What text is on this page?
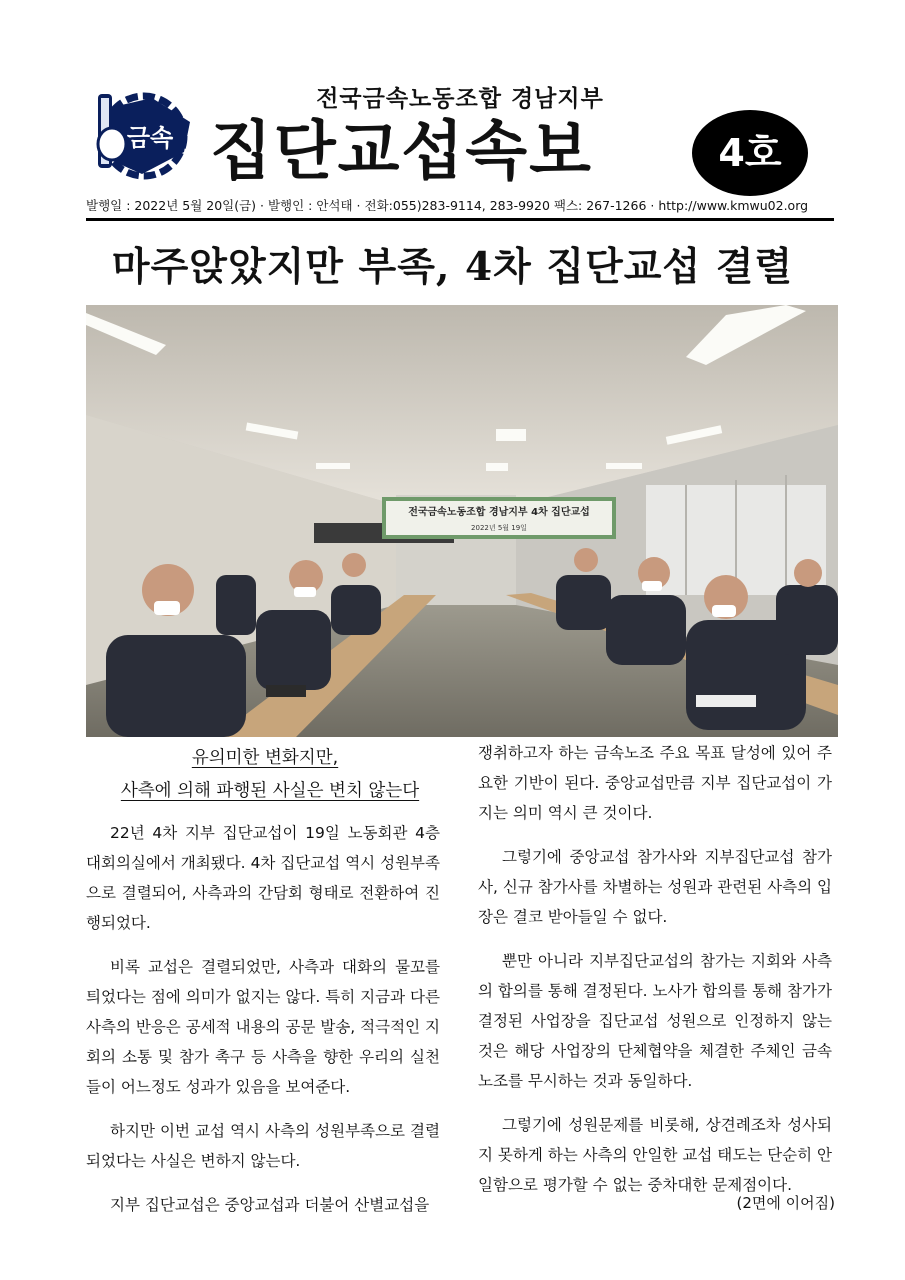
금속
전국금속노동조합 경남지부
집단교섭속보	4호
발행일 : 2022년 5월 20일(금) · 발행인 : 안석태 · 전화:055)283-9114, 283-9920 팩스: 267-1266 · http://www.kmwu02.org
마주앉았지만 부족, 4차 집단교섭 결렬
전국금속노동조합 경남지부 4차 집단교섭
2022년 5월 19일
유의미한 변화지만,
사측에 의해 파행된 사실은 변치 않는다

22년 4차 지부 집단교섭이 19일 노동회관 4층 대회의실에서 개최됐다. 4차 집단교섭 역시 성원부족으로 결렬되어, 사측과의 간담회 형태로 전환하여 진행되었다.

비록 교섭은 결렬되었만, 사측과 대화의 물꼬를 틔었다는 점에 의미가 없지는 않다. 특히 지금과 다른 사측의 반응은 공세적 내용의 공문 발송, 적극적인 지회의 소통 및 참가 촉구 등 사측을 향한 우리의 실천들이 어느정도 성과가 있음을 보여준다.

하지만 이번 교섭 역시 사측의 성원부족으로 결렬되었다는 사실은 변하지 않는다.

지부 집단교섭은 중앙교섭과 더불어 산별교섭을

쟁취하고자 하는 금속노조 주요 목표 달성에 있어 주요한 기반이 된다. 중앙교섭만큼 지부 집단교섭이 가지는 의미 역시 큰 것이다.

그렇기에 중앙교섭 참가사와 지부집단교섭 참가사, 신규 참가사를 차별하는 성원과 관련된 사측의 입장은 결코 받아들일 수 없다.

뿐만 아니라 지부집단교섭의 참가는 지회와 사측의 합의를 통해 결정된다. 노사가 합의를 통해 참가가 결정된 사업장을 집단교섭 성원으로 인정하지 않는 것은 해당 사업장의 단체협약을 체결한 주체인 금속노조를 무시하는 것과 동일하다.

그렇기에 성원문제를 비롯해, 상견례조차 성사되지 못하게 하는 사측의 안일한 교섭 태도는 단순히 안일함으로 평가할 수 없는 중차대한 문제점이다.

(2면에 이어짐)
